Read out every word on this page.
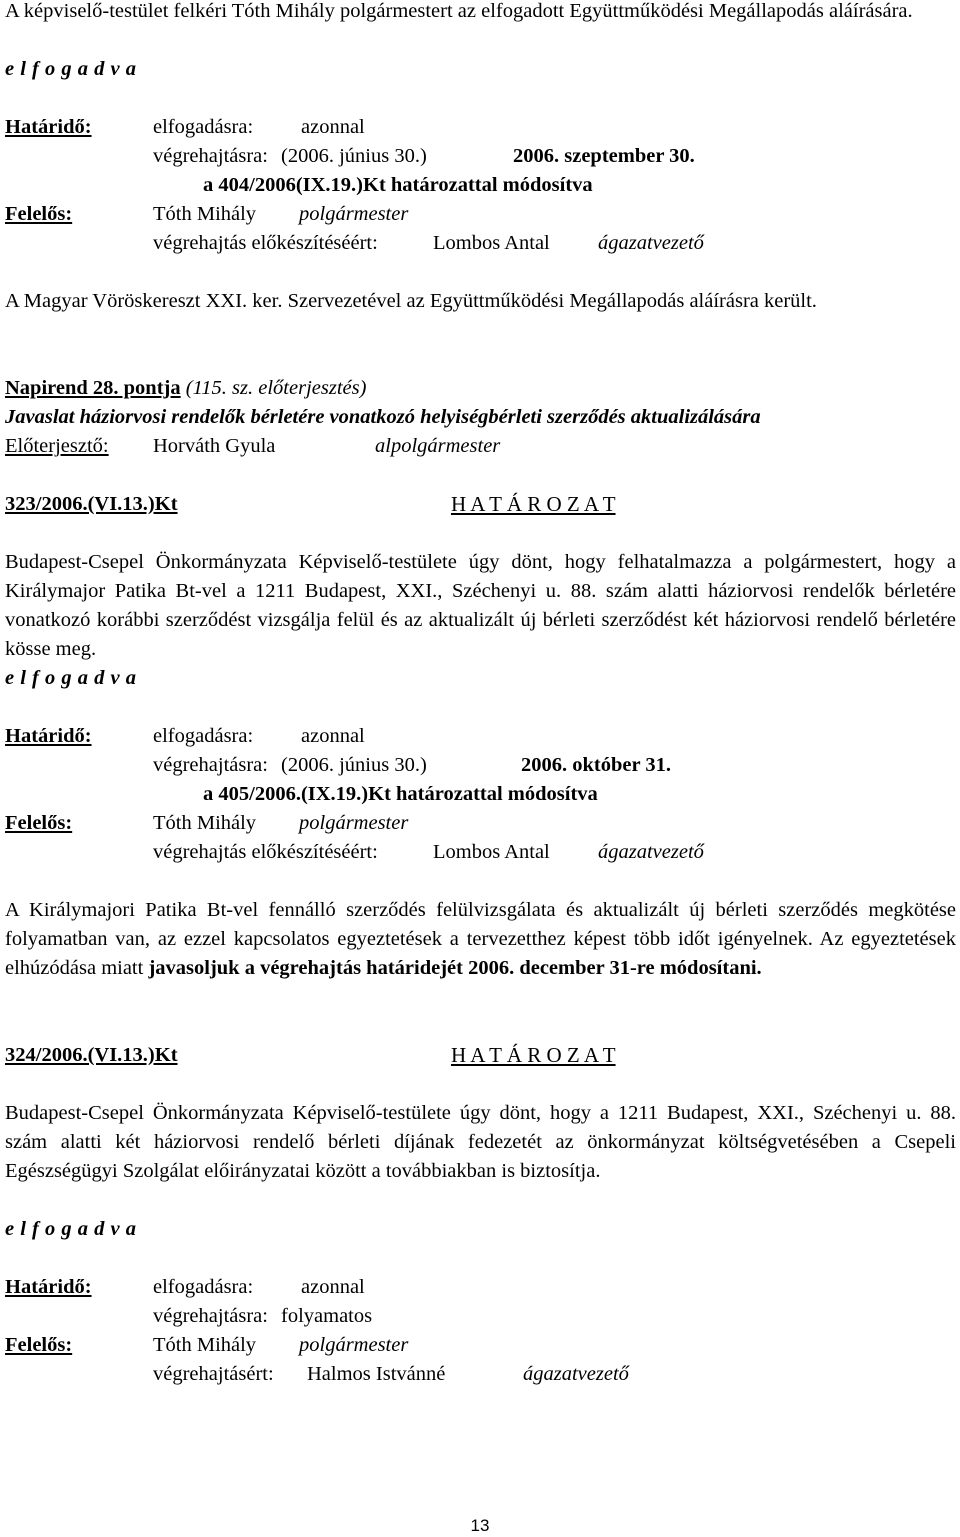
A képviselő-testület felkéri Tóth Mihály polgármestert az elfogadott Együttműködési Megállapodás aláírására.

e l f o g a d v a
Határidő:	elfogadásra: azonnal
végrehajtásra: (2006. június 30.)	2006. szeptember 30.
a 404/2006(IX.19.)Kt határozattal módosítva
Felelős:	Tóth Mihály polgármester
végrehajtás előkészítéséért:	Lombos Antal ágazatvezető

A Magyar Vöröskereszt XXI. ker. Szervezetével az Együttműködési Megállapodás aláírásra került.

Napirend 28. pontja (115. sz. előterjesztés)
Javaslat háziorvosi rendelők bérletére vonatkozó helyiségbérleti szerződés aktualizálására
Előterjesztő: Horváth Gyula	alpolgármester
323/2006.(VI.13.)Kt	H A T Á R O Z A T

Budapest-Csepel Önkormányzata Képviselő-testülete úgy dönt, hogy felhatalmazza a polgármestert, hogy a Királymajor Patika Bt-vel a 1211 Budapest, XXI., Széchenyi u. 88. szám alatti háziorvosi rendelők bérletére vonatkozó korábbi szerződést vizsgálja felül és az aktualizált új bérleti szerződést két háziorvosi rendelő bérletére kösse meg.

e l f o g a d v a
Határidő:	elfogadásra: azonnal
végrehajtásra: (2006. június 30.)	2006. október 31.
a 405/2006.(IX.19.)Kt határozattal módosítva
Felelős:	Tóth Mihály polgármester
végrehajtás előkészítéséért:	Lombos Antal ágazatvezető

A Királymajori Patika Bt-vel fennálló szerződés felülvizsgálata és aktualizált új bérleti szerződés megkötése folyamatban van, az ezzel kapcsolatos egyeztetések a tervezetthez képest több időt igényelnek. Az egyeztetések elhúzódása miatt javasoljuk a végrehajtás határidejét 2006. december 31-re módosítani.

324/2006.(VI.13.)Kt	H A T Á R O Z A T

Budapest-Csepel Önkormányzata Képviselő-testülete úgy dönt, hogy a 1211 Budapest, XXI., Széchenyi u. 88. szám alatti két háziorvosi rendelő bérleti díjának fedezetét az önkormányzat költségvetésében a Csepeli Egészségügyi Szolgálat előirányzatai között a továbbiakban is biztosítja.

e l f o g a d v a
Határidő:	elfogadásra: azonnal
végrehajtásra: folyamatos
Felelős:	Tóth Mihály polgármester
végrehajtásért: Halmos Istvánné	ágazatvezető
13
